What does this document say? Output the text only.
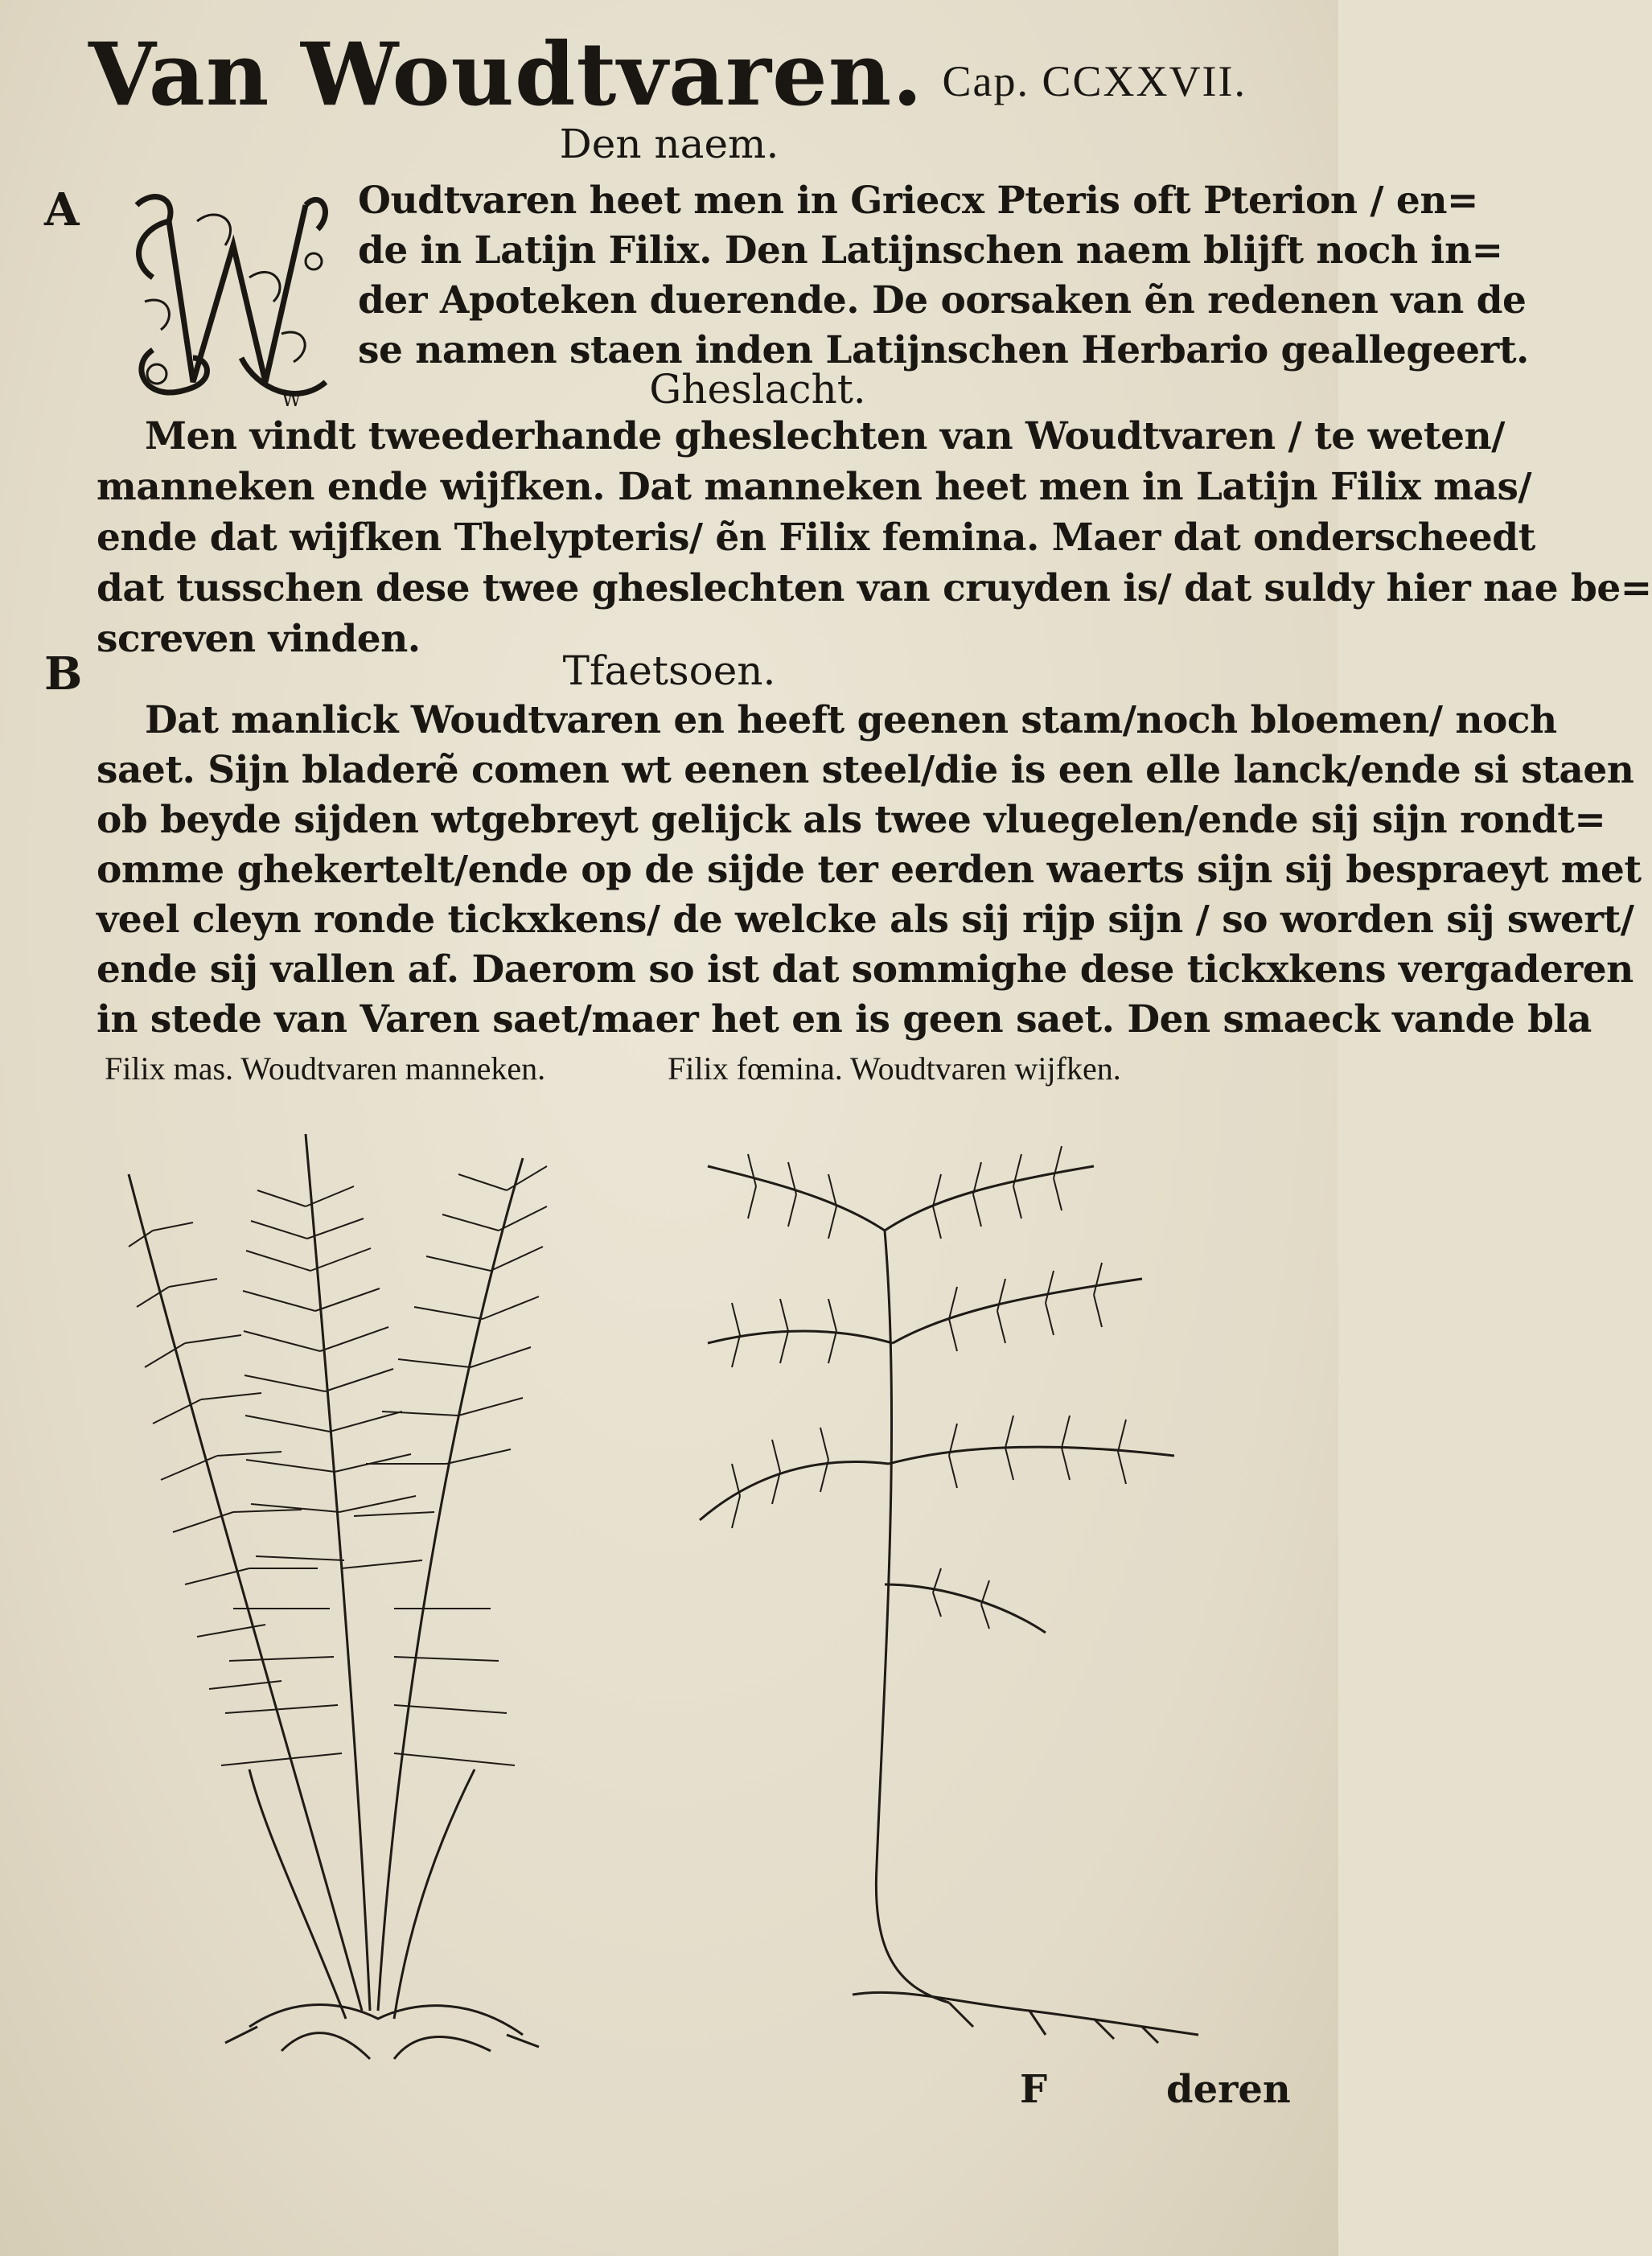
Van Woudtvaren. Cap. CCXXVII.
Den naem.
A
W
Oudtvaren heet men in Griecx Pteris oft Pterion / en=
de in Latijn Filix. Den Latijnschen naem blijft noch in=
der Apoteken duerende. De oorsaken ẽn redenen van de
se namen staen inden Latijnschen Herbario geallegeert.
Gheslacht.
Men vindt tweederhande gheslechten van Woudtvaren / te weten/
manneken ende wijfken. Dat manneken heet men in Latijn Filix mas/
ende dat wijfken Thelypteris/ ẽn Filix femina. Maer dat onderscheedt
dat tusschen dese twee gheslechten van cruyden is/ dat suldy hier nae be=
screven vinden.
B	Tfaetsoen.
Dat manlick Woudtvaren en heeft geenen stam/noch bloemen/ noch
saet. Sijn bladerẽ comen wt eenen steel/die is een elle lanck/ende si staen
ob beyde sijden wtgebreyt gelijck als twee vluegelen/ende sij sijn rondt=
omme ghekertelt/ende op de sijde ter eerden waerts sijn sij bespraeyt met
veel cleyn ronde tickxkens/ de welcke als sij rijp sijn / so worden sij swert/
ende sij vallen af. Daerom so ist dat sommighe dese tickxkens vergaderen
in stede van Varen saet/maer het en is geen saet. Den smaeck vande bla
Filix mas. Woudtvaren manneken.	Filix fœmina. Woudtvaren wijfken.
F	deren
